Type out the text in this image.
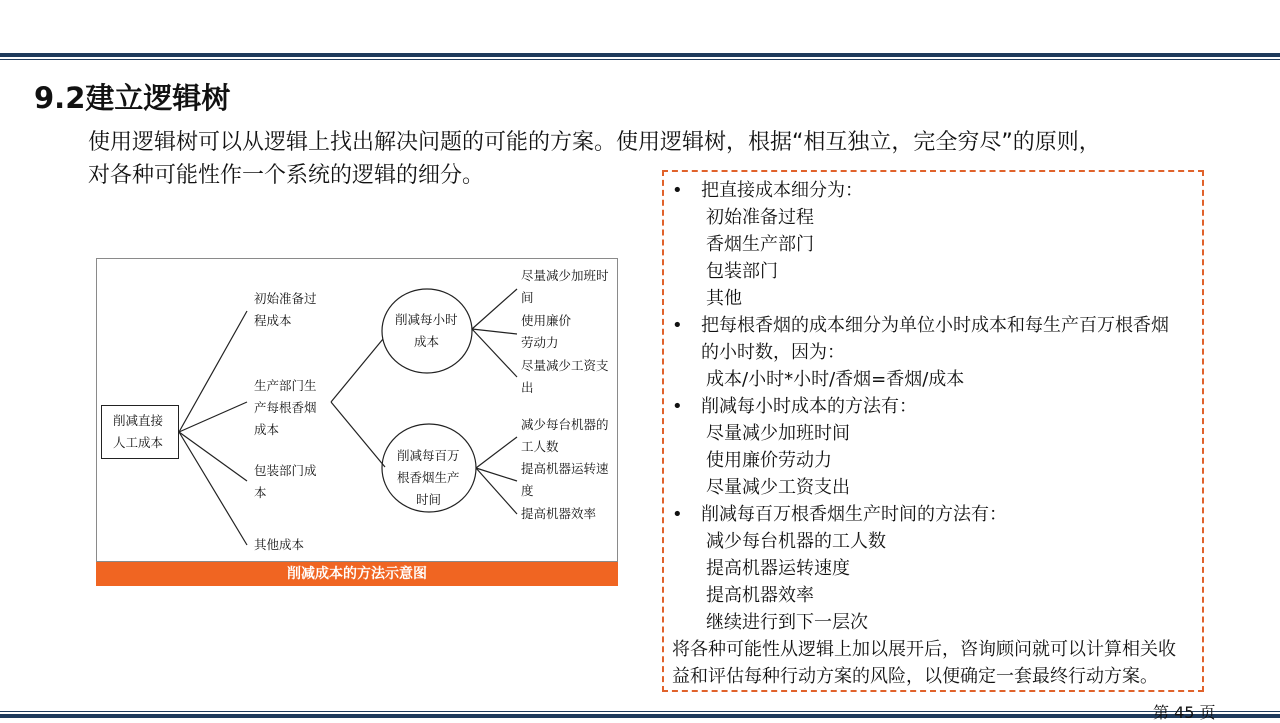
9.2建立逻辑树

使用逻辑树可以从逻辑上找出解决问题的可能的方案。使用逻辑树，根据“相互独立，完全穷尽”的原则，

对各种可能性作一个系统的逻辑的细分。

削减直接
人工成本
初始准备过
程成本
生产部门生
产每根香烟
成本
包装部门成
本
其他成本
削减每小时
成本
削减每百万
根香烟生产
时间
尽量减少加班时
间
使用廉价
劳动力
尽量减少工资支
出
减少每台机器的
工人数
提高机器运转速
度
提高机器效率
削减成本的方法示意图
• 把直接成本细分为：
初始准备过程
香烟生产部门
包装部门
其他
• 把每根香烟的成本细分为单位小时成本和每生产百万根香烟
的小时数，因为：
成本/小时*小时/香烟=香烟/成本
• 削减每小时成本的方法有：
尽量减少加班时间
使用廉价劳动力
尽量减少工资支出
• 削减每百万根香烟生产时间的方法有：
减少每台机器的工人数
提高机器运转速度
提高机器效率
继续进行到下一层次
将各种可能性从逻辑上加以展开后，咨询顾问就可以计算相关收
益和评估每种行动方案的风险，以便确定一套最终行动方案。
第 45 页
